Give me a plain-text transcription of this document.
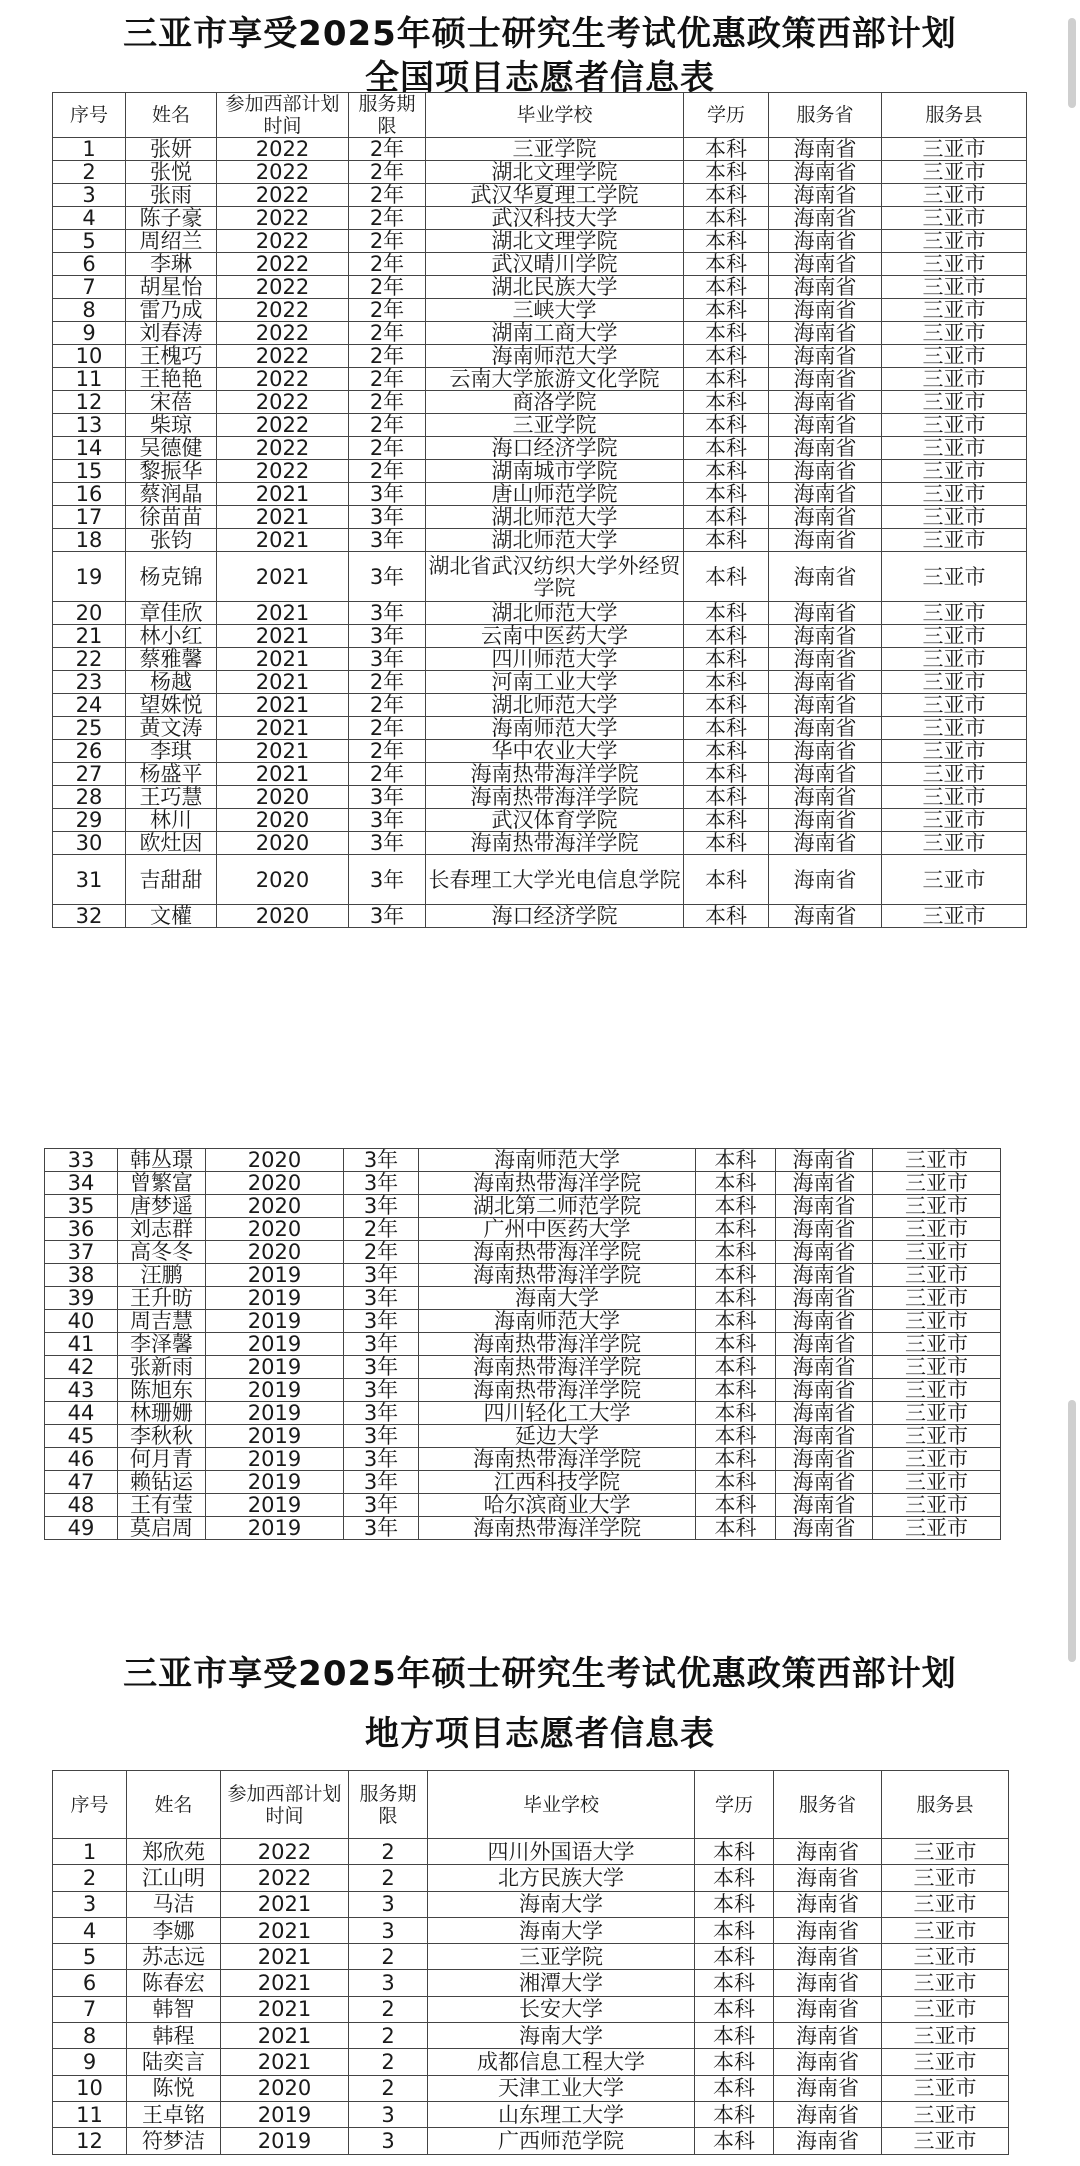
三亚市享受2025年硕士研究生考试优惠政策西部计划
全国项目志愿者信息表
序号	姓名	参加西部计划时间	服务期限	毕业学校	学历	服务省	服务县
1	张妍	2022	2年	三亚学院	本科	海南省	三亚市
2	张悦	2022	2年	湖北文理学院	本科	海南省	三亚市
3	张雨	2022	2年	武汉华夏理工学院	本科	海南省	三亚市
4	陈子豪	2022	2年	武汉科技大学	本科	海南省	三亚市
5	周绍兰	2022	2年	湖北文理学院	本科	海南省	三亚市
6	李琳	2022	2年	武汉晴川学院	本科	海南省	三亚市
7	胡星怡	2022	2年	湖北民族大学	本科	海南省	三亚市
8	雷乃成	2022	2年	三峡大学	本科	海南省	三亚市
9	刘春涛	2022	2年	湖南工商大学	本科	海南省	三亚市
10	王槐巧	2022	2年	海南师范大学	本科	海南省	三亚市
11	王艳艳	2022	2年	云南大学旅游文化学院	本科	海南省	三亚市
12	宋蓓	2022	2年	商洛学院	本科	海南省	三亚市
13	柴琼	2022	2年	三亚学院	本科	海南省	三亚市
14	吴德健	2022	2年	海口经济学院	本科	海南省	三亚市
15	黎振华	2022	2年	湖南城市学院	本科	海南省	三亚市
16	蔡润晶	2021	3年	唐山师范学院	本科	海南省	三亚市
17	徐苗苗	2021	3年	湖北师范大学	本科	海南省	三亚市
18	张钧	2021	3年	湖北师范大学	本科	海南省	三亚市
19	杨克锦	2021	3年	湖北省武汉纺织大学外经贸学院	本科	海南省	三亚市
20	章佳欣	2021	3年	湖北师范大学	本科	海南省	三亚市
21	林小红	2021	3年	云南中医药大学	本科	海南省	三亚市
22	蔡雅馨	2021	3年	四川师范大学	本科	海南省	三亚市
23	杨越	2021	2年	河南工业大学	本科	海南省	三亚市
24	望姝悦	2021	2年	湖北师范大学	本科	海南省	三亚市
25	黄文涛	2021	2年	海南师范大学	本科	海南省	三亚市
26	李琪	2021	2年	华中农业大学	本科	海南省	三亚市
27	杨盛平	2021	2年	海南热带海洋学院	本科	海南省	三亚市
28	王巧慧	2020	3年	海南热带海洋学院	本科	海南省	三亚市
29	林川	2020	3年	武汉体育学院	本科	海南省	三亚市
30	欧灶因	2020	3年	海南热带海洋学院	本科	海南省	三亚市
31	吉甜甜	2020	3年	长春理工大学光电信息学院	本科	海南省	三亚市
32	文權	2020	3年	海口经济学院	本科	海南省	三亚市
33	韩丛璟	2020	3年	海南师范大学	本科	海南省	三亚市
34	曾繁富	2020	3年	海南热带海洋学院	本科	海南省	三亚市
35	唐梦遥	2020	3年	湖北第二师范学院	本科	海南省	三亚市
36	刘志群	2020	2年	广州中医药大学	本科	海南省	三亚市
37	高冬冬	2020	2年	海南热带海洋学院	本科	海南省	三亚市
38	汪鹏	2019	3年	海南热带海洋学院	本科	海南省	三亚市
39	王升昉	2019	3年	海南大学	本科	海南省	三亚市
40	周吉慧	2019	3年	海南师范大学	本科	海南省	三亚市
41	李泽馨	2019	3年	海南热带海洋学院	本科	海南省	三亚市
42	张新雨	2019	3年	海南热带海洋学院	本科	海南省	三亚市
43	陈旭东	2019	3年	海南热带海洋学院	本科	海南省	三亚市
44	林珊姗	2019	3年	四川轻化工大学	本科	海南省	三亚市
45	李秋秋	2019	3年	延边大学	本科	海南省	三亚市
46	何月青	2019	3年	海南热带海洋学院	本科	海南省	三亚市
47	赖钻运	2019	3年	江西科技学院	本科	海南省	三亚市
48	王有莹	2019	3年	哈尔滨商业大学	本科	海南省	三亚市
49	莫启周	2019	3年	海南热带海洋学院	本科	海南省	三亚市
三亚市享受2025年硕士研究生考试优惠政策西部计划
地方项目志愿者信息表
序号	姓名	参加西部计划时间	服务期限	毕业学校	学历	服务省	服务县
1	郑欣苑	2022	2	四川外国语大学	本科	海南省	三亚市
2	江山明	2022	2	北方民族大学	本科	海南省	三亚市
3	马洁	2021	3	海南大学	本科	海南省	三亚市
4	李娜	2021	3	海南大学	本科	海南省	三亚市
5	苏志远	2021	2	三亚学院	本科	海南省	三亚市
6	陈春宏	2021	3	湘潭大学	本科	海南省	三亚市
7	韩智	2021	2	长安大学	本科	海南省	三亚市
8	韩程	2021	2	海南大学	本科	海南省	三亚市
9	陆奕言	2021	2	成都信息工程大学	本科	海南省	三亚市
10	陈悦	2020	2	天津工业大学	本科	海南省	三亚市
11	王卓铭	2019	3	山东理工大学	本科	海南省	三亚市
12	符梦洁	2019	3	广西师范学院	本科	海南省	三亚市
